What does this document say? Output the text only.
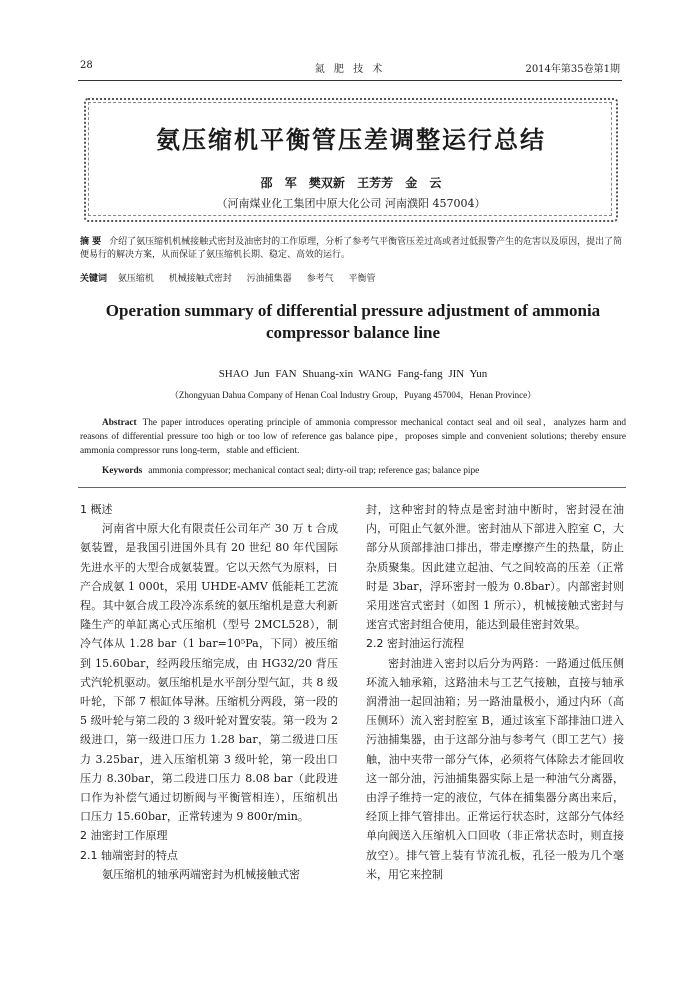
28	氮 肥 技 术	2014年第35卷第1期
氨压缩机平衡管压差调整运行总结
邵 军 樊双新 王芳芳 金 云
（河南煤业化工集团中原大化公司 河南濮阳 457004）
摘 要 介绍了氨压缩机机械接触式密封及油密封的工作原理，分析了参考气平衡管压差过高或者过低报警产生的危害以及原因，提出了简便易行的解决方案，从而保证了氨压缩机长期、稳定、高效的运行。
关键词 氨压缩机 机械接触式密封 污油捕集器 参考气 平衡管
Operation summary of differential pressure adjustment of ammonia compressor balance line
SHAO Jun FAN Shuang-xin WANG Fang-fang JIN Yun
（Zhongyuan Dahua Company of Henan Coal Industry Group，Puyang 457004，Henan Province）
Abstract The paper introduces operating principle of ammonia compressor mechanical contact seal and oil seal，analyzes harm and reasons of differential pressure too high or too low of reference gas balance pipe，proposes simple and convenient solutions; thereby ensure ammonia compressor runs long-term，stable and efficient.
Keywords ammonia compressor; mechanical contact seal; dirty-oil trap; reference gas; balance pipe

1 概述

河南省中原大化有限责任公司年产 30 万 t 合成氨装置，是我国引进国外具有 20 世纪 80 年代国际先进水平的大型合成氨装置。它以天然气为原料，日产合成氨 1 000t，采用 UHDE-AMV 低能耗工艺流程。其中氨合成工段冷冻系统的氨压缩机是意大利新隆生产的单缸离心式压缩机（型号 2MCL528），制冷气体从 1.28 bar（1 bar=10⁵Pa，下同）被压缩到 15.60bar，经两段压缩完成，由 HG32/20 背压式汽轮机驱动。氨压缩机是水平剖分型气缸，共 8 级叶轮，下部 7 根缸体导淋。压缩机分两段，第一段的 5 级叶轮与第二段的 3 级叶轮对置安装。第一段为 2 级进口，第一级进口压力 1.28 bar，第二级进口压力 3.25bar，进入压缩机第 3 级叶轮，第一段出口压力 8.30bar，第二段进口压力 8.08 bar（此段进口作为补偿气通过切断阀与平衡管相连），压缩机出口压力 15.60bar，正常转速为 9 800r/min。

2 油密封工作原理

2.1 轴端密封的特点

氨压缩机的轴承两端密封为机械接触式密

封，这种密封的特点是密封油中断时，密封浸在油内，可阻止气氨外泄。密封油从下部进入腔室 C，大部分从顶部排油口排出，带走摩擦产生的热量，防止杂质聚集。因此建立起油、气之间较高的压差（正常时是 3bar，浮环密封一般为 0.8bar）。内部密封则采用迷宫式密封（如图 1 所示），机械接触式密封与迷宫式密封组合使用，能达到最佳密封效果。

2.2 密封油运行流程

密封油进入密封以后分为两路：一路通过低压侧环流入轴承箱，这路油未与工艺气接触，直接与轴承润滑油一起回油箱；另一路油量极小，通过内环（高压侧环）流入密封腔室 B，通过该室下部排油口进入污油捕集器，由于这部分油与参考气（即工艺气）接触，油中夹带一部分气体，必须将气体除去才能回收这一部分油，污油捕集器实际上是一种油气分离器，由浮子维持一定的液位，气体在捕集器分离出来后，经顶上排气管排出。正常运行状态时，这部分气体经单向阀送入压缩机入口回收（非正常状态时，则直接放空）。排气管上装有节流孔板，孔径一般为几个毫米，用它来控制
